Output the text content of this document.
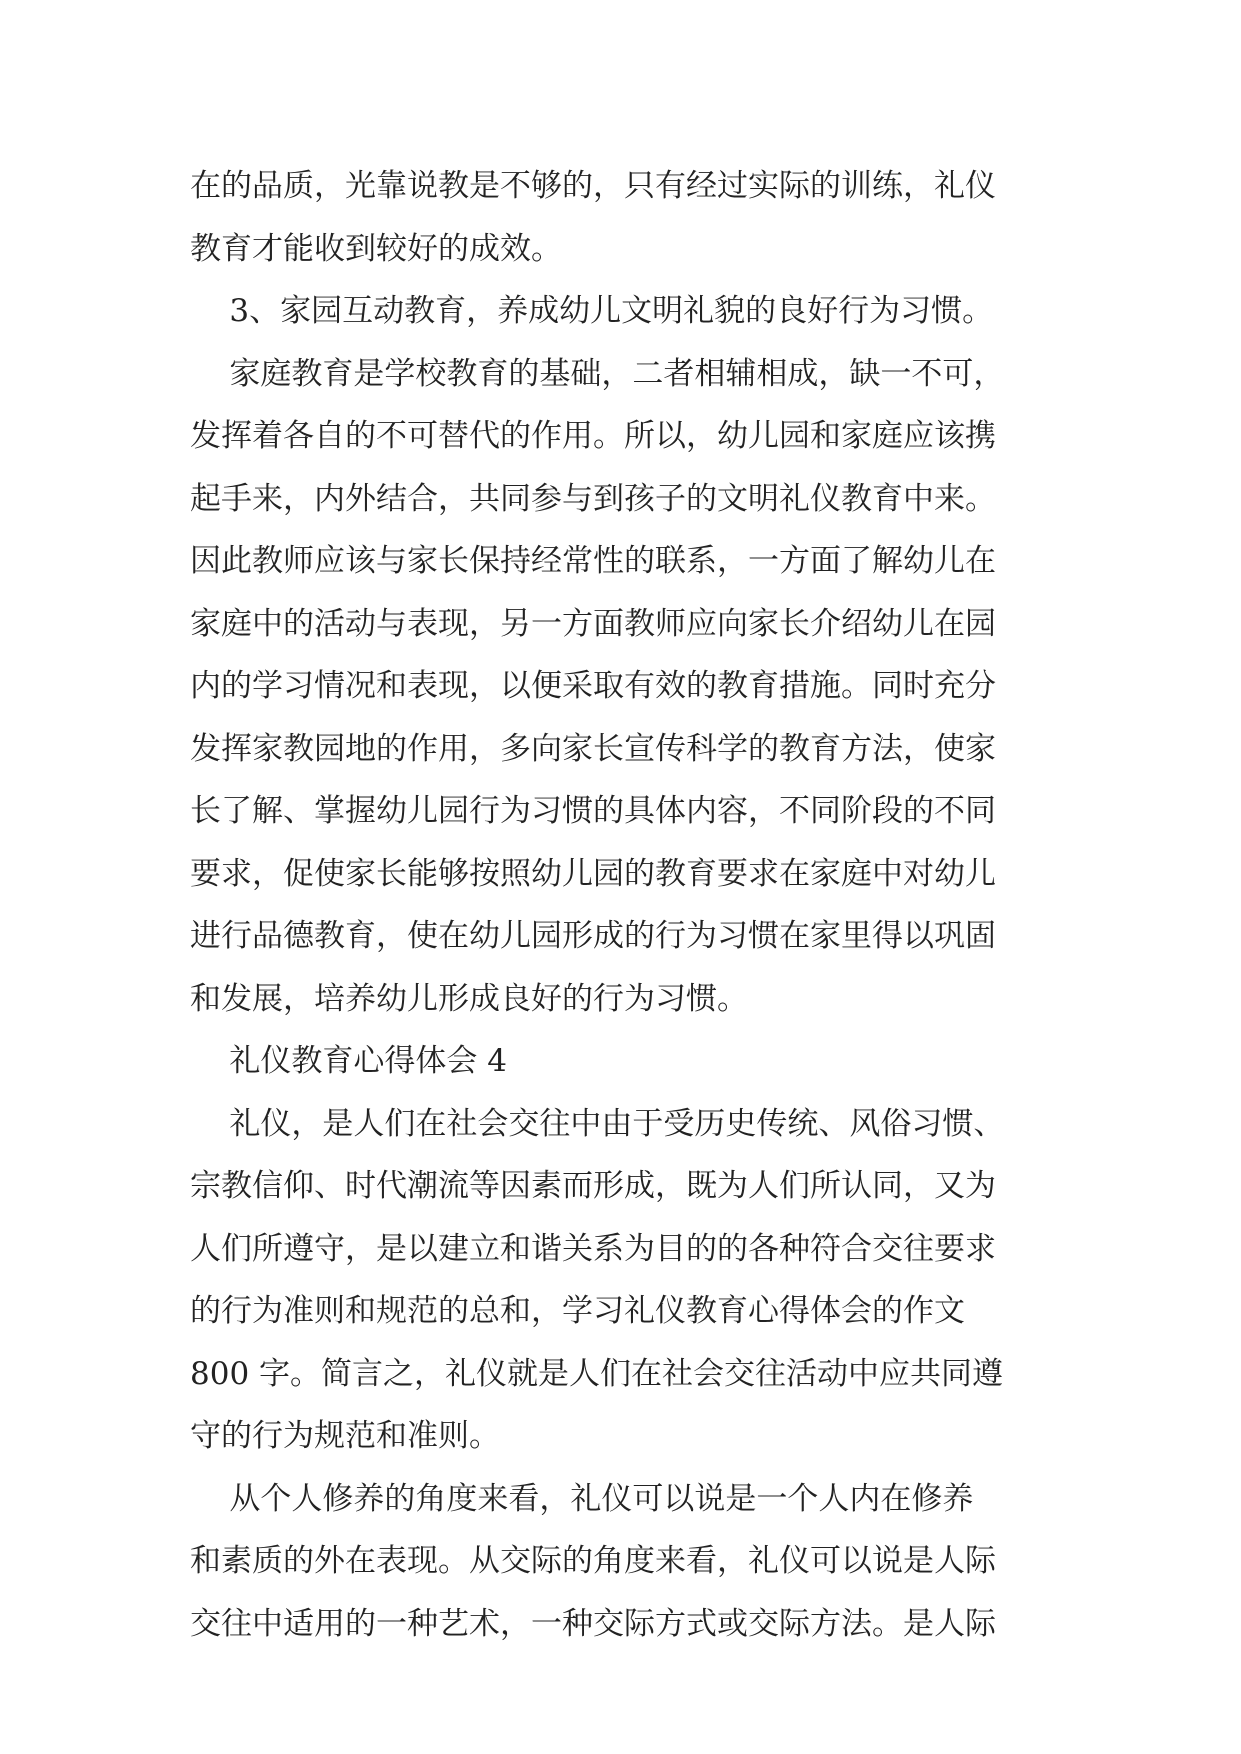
在的品质，光靠说教是不够的，只有经过实际的训练，礼仪

教育才能收到较好的成效。

3、家园互动教育，养成幼儿文明礼貌的良好行为习惯。

家庭教育是学校教育的基础，二者相辅相成，缺一不可，

发挥着各自的不可替代的作用。所以，幼儿园和家庭应该携

起手来，内外结合，共同参与到孩子的文明礼仪教育中来。

因此教师应该与家长保持经常性的联系，一方面了解幼儿在

家庭中的活动与表现，另一方面教师应向家长介绍幼儿在园

内的学习情况和表现，以便采取有效的教育措施。同时充分

发挥家教园地的作用，多向家长宣传科学的教育方法，使家

长了解、掌握幼儿园行为习惯的具体内容，不同阶段的不同

要求，促使家长能够按照幼儿园的教育要求在家庭中对幼儿

进行品德教育，使在幼儿园形成的行为习惯在家里得以巩固

和发展，培养幼儿形成良好的行为习惯。

礼仪教育心得体会 4

礼仪，是人们在社会交往中由于受历史传统、风俗习惯、

宗教信仰、时代潮流等因素而形成，既为人们所认同，又为

人们所遵守，是以建立和谐关系为目的的各种符合交往要求

的行为准则和规范的总和，学习礼仪教育心得体会的作文

800 字。简言之，礼仪就是人们在社会交往活动中应共同遵

守的行为规范和准则。

从个人修养的角度来看，礼仪可以说是一个人内在修养

和素质的外在表现。从交际的角度来看，礼仪可以说是人际

交往中适用的一种艺术，一种交际方式或交际方法。是人际
